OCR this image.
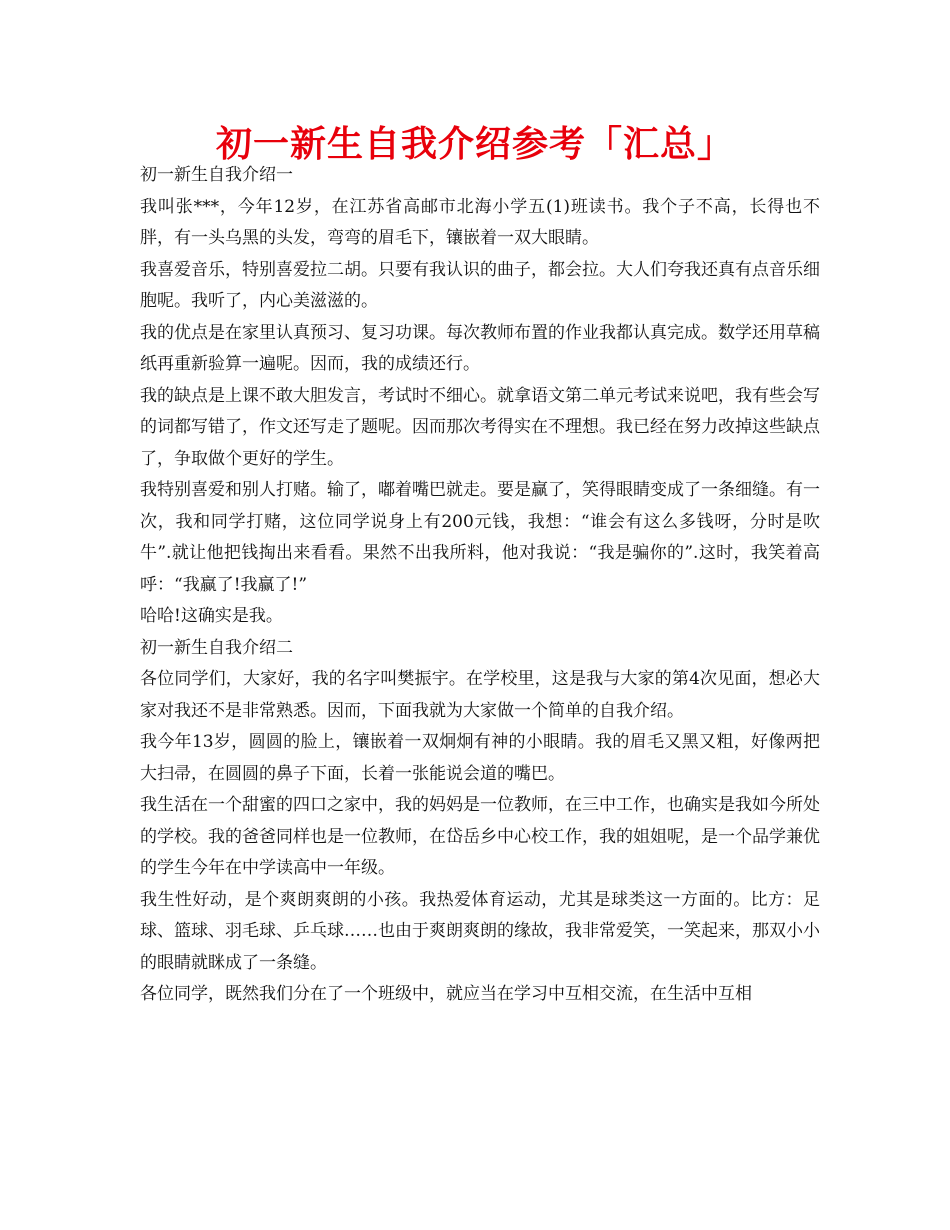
初一新生自我介绍参考「汇总」

初一新生自我介绍一

我叫张***，今年12岁，在江苏省高邮市北海小学五(1)班读书。我个子不高，长得也不胖，有一头乌黑的头发，弯弯的眉毛下，镶嵌着一双大眼睛。

我喜爱音乐，特别喜爱拉二胡。只要有我认识的曲子，都会拉。大人们夸我还真有点音乐细胞呢。我听了，内心美滋滋的。

我的优点是在家里认真预习、复习功课。每次教师布置的作业我都认真完成。数学还用草稿纸再重新验算一遍呢。因而，我的成绩还行。

我的缺点是上课不敢大胆发言，考试时不细心。就拿语文第二单元考试来说吧，我有些会写的词都写错了，作文还写走了题呢。因而那次考得实在不理想。我已经在努力改掉这些缺点了，争取做个更好的学生。

我特别喜爱和别人打赌。输了，嘟着嘴巴就走。要是赢了，笑得眼睛变成了一条细缝。有一次，我和同学打赌，这位同学说身上有200元钱，我想：“谁会有这么多钱呀，分时是吹牛”.就让他把钱掏出来看看。果然不出我所料，他对我说：“我是骗你的”.这时，我笑着高呼：“我赢了!我赢了!”

哈哈!这确实是我。

初一新生自我介绍二

各位同学们，大家好，我的名字叫樊振宇。在学校里，这是我与大家的第4次见面，想必大家对我还不是非常熟悉。因而，下面我就为大家做一个简单的自我介绍。

我今年13岁，圆圆的脸上，镶嵌着一双炯炯有神的小眼睛。我的眉毛又黑又粗，好像两把大扫帚，在圆圆的鼻子下面，长着一张能说会道的嘴巴。

我生活在一个甜蜜的四口之家中，我的妈妈是一位教师，在三中工作，也确实是我如今所处的学校。我的爸爸同样也是一位教师，在岱岳乡中心校工作，我的姐姐呢，是一个品学兼优的学生今年在中学读高中一年级。

我生性好动，是个爽朗爽朗的小孩。我热爱体育运动，尤其是球类这一方面的。比方：足球、篮球、羽毛球、乒乓球……也由于爽朗爽朗的缘故，我非常爱笑，一笑起来，那双小小的眼睛就眯成了一条缝。

各位同学，既然我们分在了一个班级中，就应当在学习中互相交流，在生活中互相
